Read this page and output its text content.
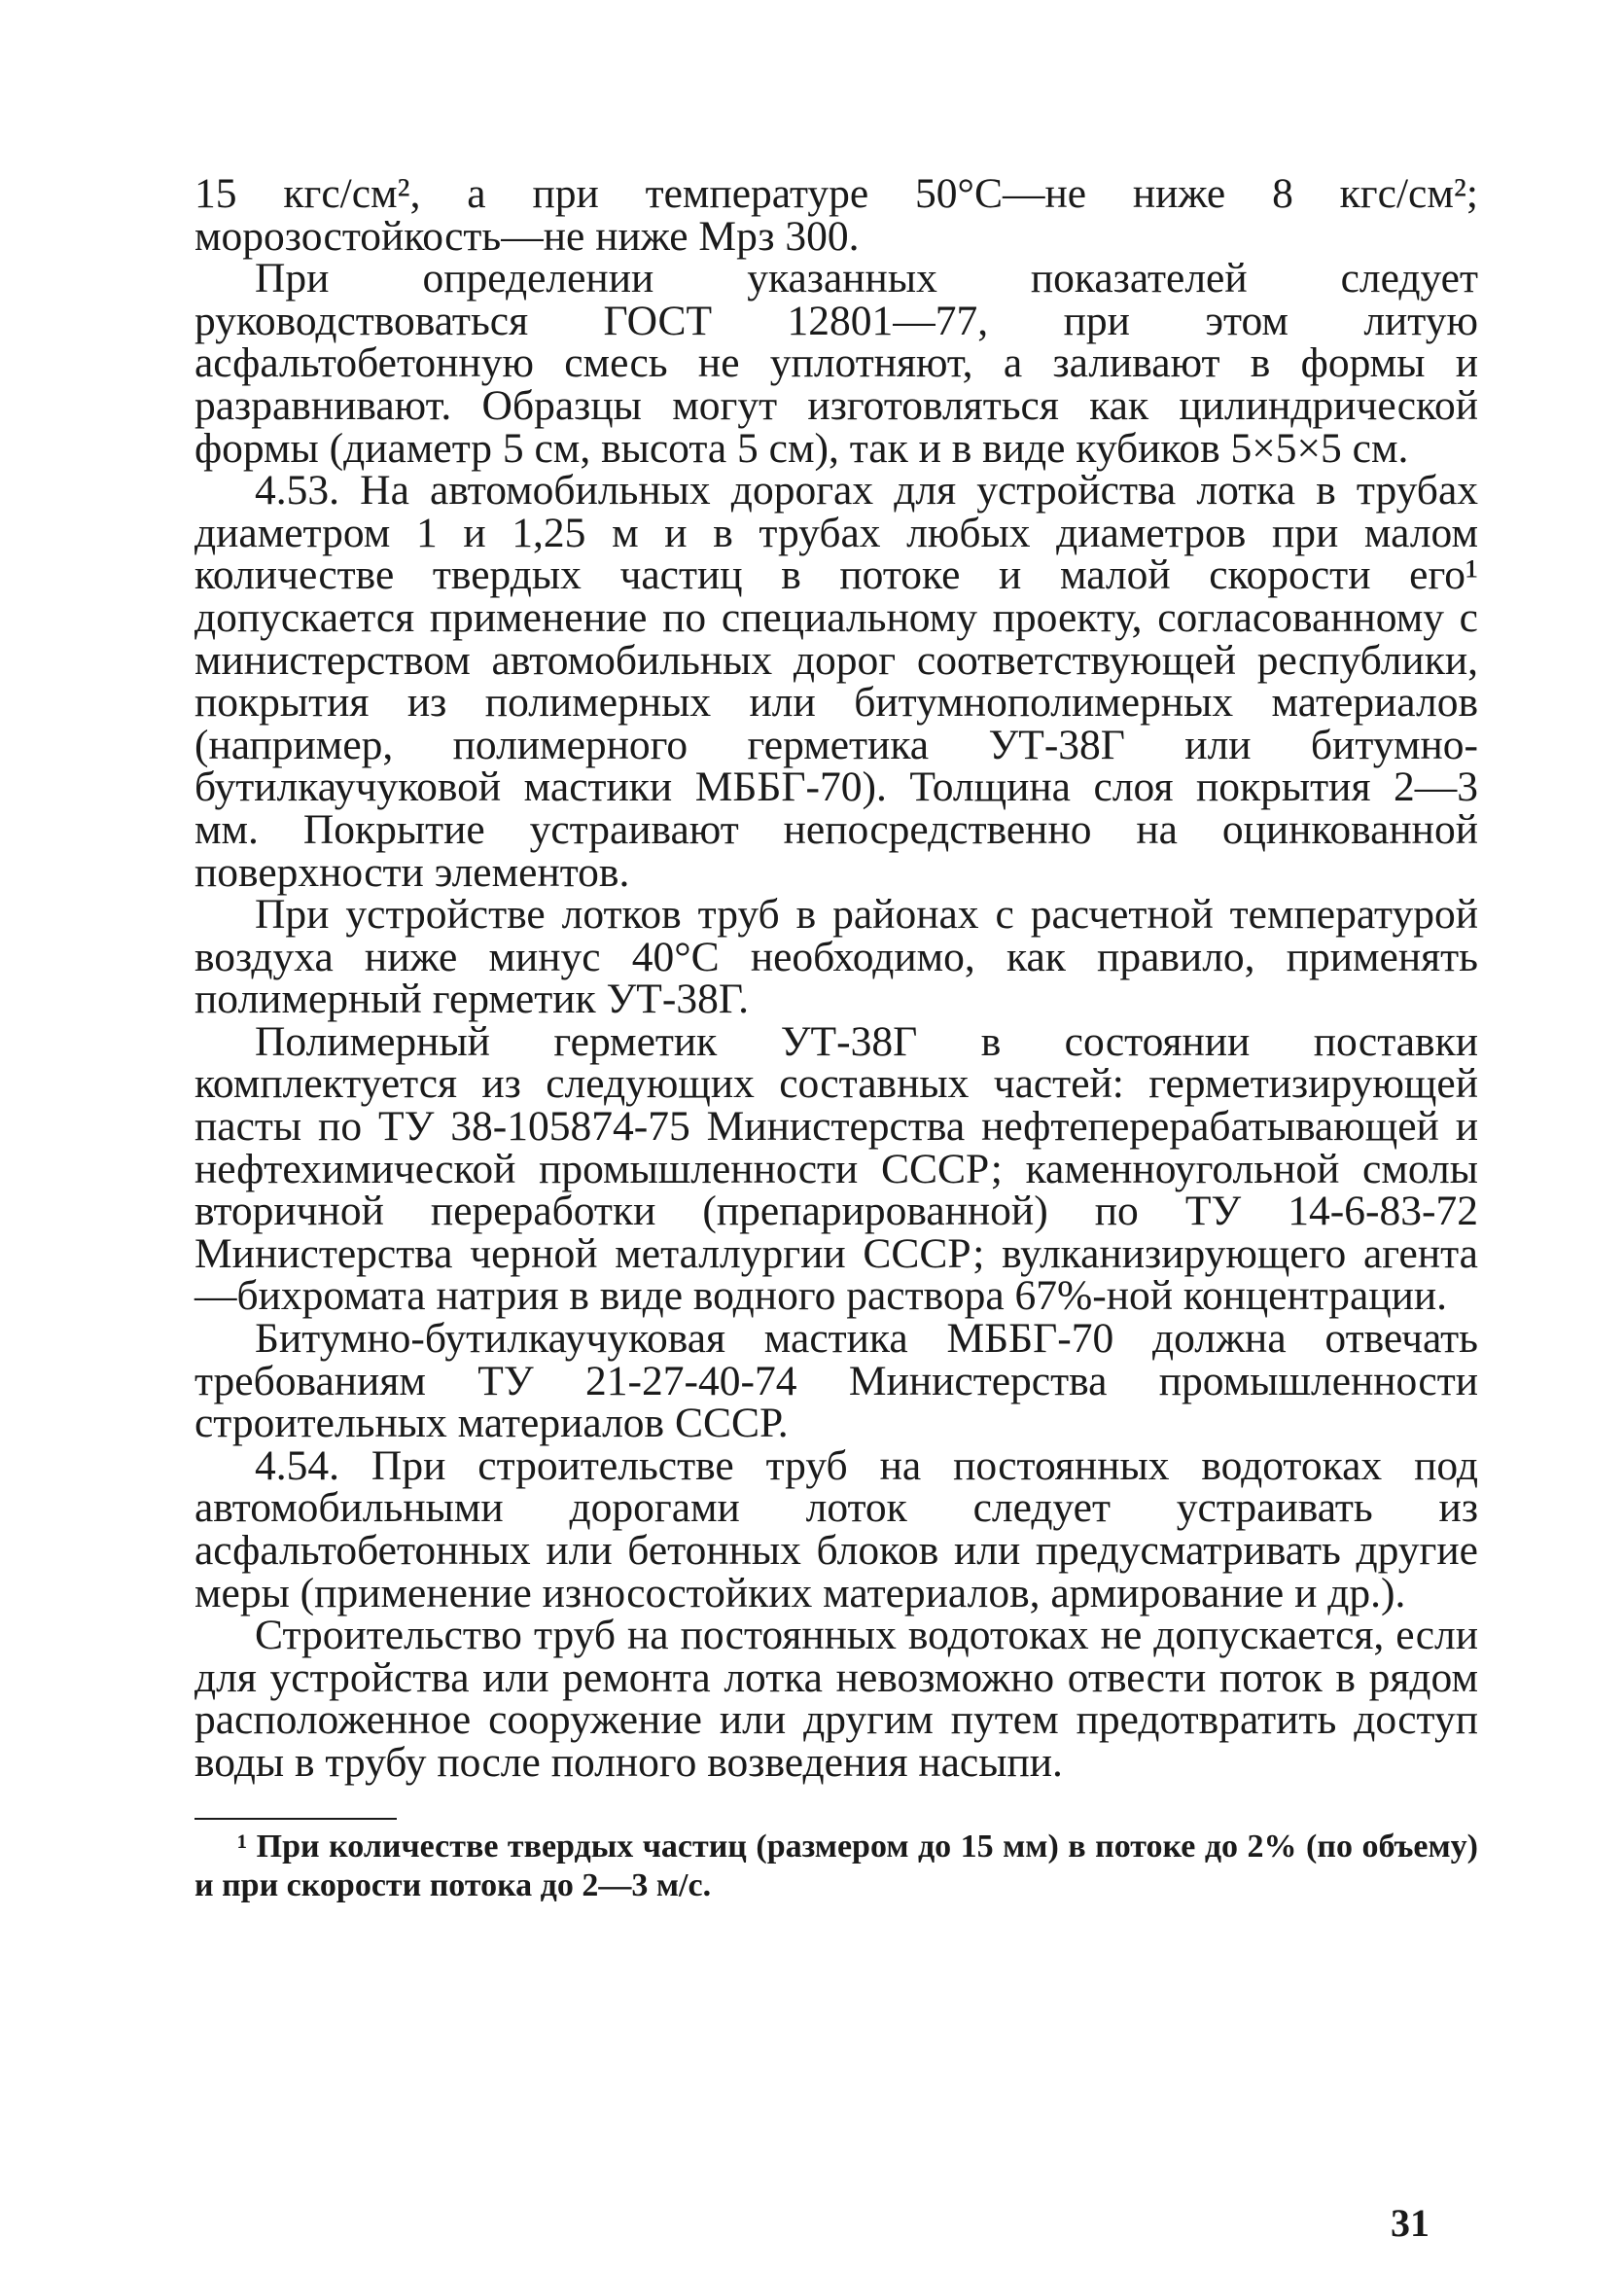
15 кгс/см², а при температуре 50°С—не ниже 8 кгс/см²; морозостойкость—не ниже Мрз 300.

При определении указанных показателей следует руководствоваться ГОСТ 12801—77, при этом литую асфальтобетонную смесь не уплотняют, а заливают в формы и разравнивают. Образцы могут изготовляться как цилиндрической формы (диаметр 5 см, высота 5 см), так и в виде кубиков 5×5×5 см.

4.53. На автомобильных дорогах для устройства лотка в трубах диаметром 1 и 1,25 м и в трубах любых диаметров при малом количестве твердых частиц в потоке и малой скорости его¹ допускается применение по специальному проекту, согласованному с министерством автомобильных дорог соответствующей республики, покрытия из полимерных или битумнополимерных материалов (например, полимерного герметика УТ-38Г или битумно-бутилкаучуковой мастики МББГ-70). Толщина слоя покрытия 2—3 мм. Покрытие устраивают непосредственно на оцинкованной поверхности элементов.

При устройстве лотков труб в районах с расчетной температурой воздуха ниже минус 40°С необходимо, как правило, применять полимерный герметик УТ-38Г.

Полимерный герметик УТ-38Г в состоянии поставки комплектуется из следующих составных частей: герметизирующей пасты по ТУ 38-105874-75 Министерства нефтеперерабатывающей и нефтехимической промышленности СССР; каменноугольной смолы вторичной переработки (препарированной) по ТУ 14-6-83-72 Министерства черной металлургии СССР; вулканизирующего агента—бихромата натрия в виде водного раствора 67%-ной концентрации.

Битумно-бутилкаучуковая мастика МББГ-70 должна отвечать требованиям ТУ 21-27-40-74 Министерства промышленности строительных материалов СССР.

4.54. При строительстве труб на постоянных водотоках под автомобильными дорогами лоток следует устраивать из асфальтобетонных или бетонных блоков или предусматривать другие меры (применение износостойких материалов, армирование и др.).

Строительство труб на постоянных водотоках не допускается, если для устройства или ремонта лотка невозможно отвести поток в рядом расположенное сооружение или другим путем предотвратить доступ воды в трубу после полного возведения насыпи.

¹ При количестве твердых частиц (размером до 15 мм) в потоке до 2% (по объему) и при скорости потока до 2—3 м/с.

31
